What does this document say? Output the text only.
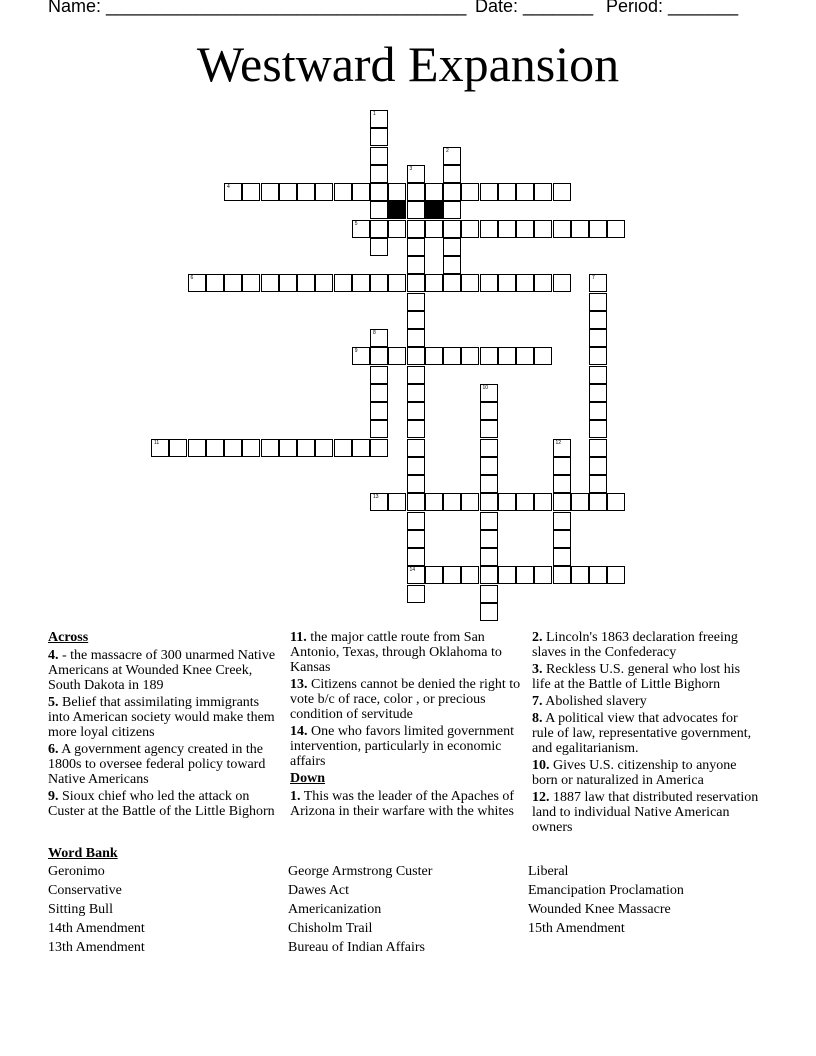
Name: ____________________________________ Date: _______ Period: _______
Westward Expansion
1
2
3
14
4
5
6	7
8
9
10
11	12
13
Across
4. - the massacre of 300 unarmed Native Americans at Wounded Knee Creek, South Dakota in 189
5. Belief that assimilating immigrants into American society would make them more loyal citizens
6. A government agency created in the 1800s to oversee federal policy toward Native Americans
9. Sioux chief who led the attack on Custer at the Battle of the Little Bighorn
11. the major cattle route from San Antonio, Texas, through Oklahoma to Kansas
13. Citizens cannot be denied the right to vote b/c of race, color , or precious condition of servitude
14. One who favors limited government intervention, particularly in economic affairs
Down
1. This was the leader of the Apaches of Arizona in their warfare with the whites
2. Lincoln's 1863 declaration freeing slaves in the Confederacy
3. Reckless U.S. general who lost his life at the Battle of Little Bighorn
7. Abolished slavery
8. A political view that advocates for rule of law, representative government, and egalitarianism.
10. Gives U.S. citizenship to anyone born or naturalized in America
12. 1887 law that distributed reservation land to individual Native American owners
Word Bank
Geronimo
Conservative
Sitting Bull
14th Amendment
13th Amendment
George Armstrong Custer
Dawes Act
Americanization
Chisholm Trail
Bureau of Indian Affairs
Liberal
Emancipation Proclamation
Wounded Knee Massacre
15th Amendment
